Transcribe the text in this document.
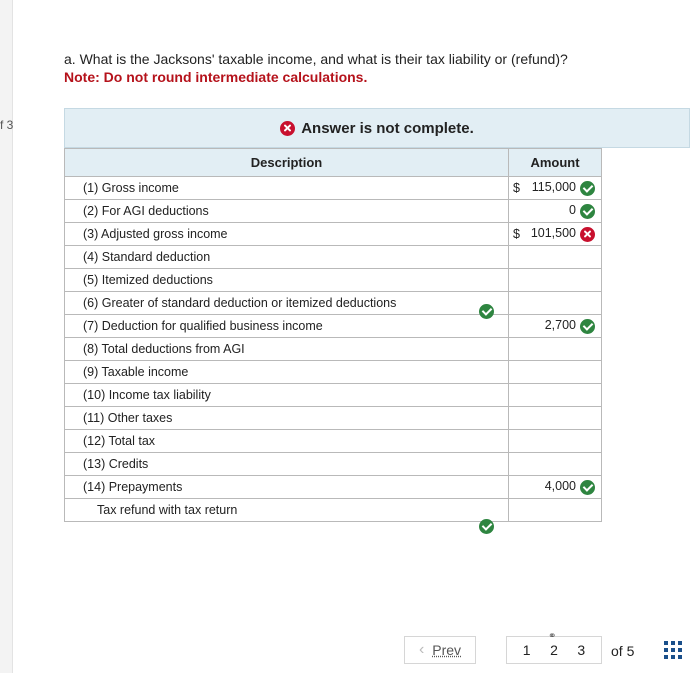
f 3
a. What is the Jacksons' taxable income, and what is their tax liability or (refund)?
Note: Do not round intermediate calculations.
Answer is not complete.
Description	Amount
(1) Gross income	$ 115,000
(2) For AGI deductions	0
(3) Adjusted gross income	$ 101,500
(4) Standard deduction	
(5) Itemized deductions	
(6) Greater of standard deduction or itemized deductions	
(7) Deduction for qualified business income	2,700
(8) Total deductions from AGI	
(9) Taxable income	
(10) Income tax liability	
(11) Other taxes	
(12) Total tax	
(13) Credits	
(14) Prepayments	4,000
Tax refund with tax return	
‹ Prev
⚭
1 2 3 of 5
